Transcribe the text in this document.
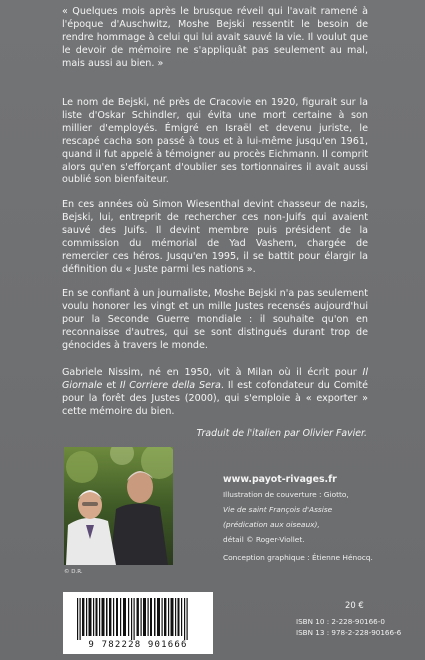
« Quelques mois après le brusque réveil qui l'avait ramené à l'époque d'Auschwitz, Moshe Bejski ressentit le besoin de rendre hommage à celui qui lui avait sauvé la vie. Il voulut que le devoir de mémoire ne s'appliquât pas seulement au mal, mais aussi au bien. »

Le nom de Bejski, né près de Cracovie en 1920, figurait sur la liste d'Oskar Schindler, qui évita une mort certaine à son millier d'employés. Émigré en Israël et devenu juriste, le rescapé cacha son passé à tous et à lui-même jusqu'en 1961, quand il fut appelé à témoigner au procès Eichmann. Il comprit alors qu'en s'efforçant d'oublier ses tortionnaires il avait aussi oublié son bienfaiteur.

En ces années où Simon Wiesenthal devint chasseur de nazis, Bejski, lui, entreprit de rechercher ces non-Juifs qui avaient sauvé des Juifs. Il devint membre puis président de la commission du mémorial de Yad Vashem, chargée de remercier ces héros. Jusqu'en 1995, il se battit pour élargir la définition du « Juste parmi les nations ».

En se confiant à un journaliste, Moshe Bejski n'a pas seulement voulu honorer les vingt et un mille Justes recensés aujourd'hui pour la Seconde Guerre mondiale : il souhaite qu'on en reconnaisse d'autres, qui se sont distingués durant trop de génocides à travers le monde.

Gabriele Nissim, né en 1950, vit à Milan où il écrit pour Il Giornale et Il Corriere della Sera. Il est cofondateur du Comité pour la forêt des Justes (2000), qui s'emploie à « exporter » cette mémoire du bien.

Traduit de l'italien par Olivier Favier.
© D.R.
www.payot-rivages.fr
Illustration de couverture : Giotto,
Vie de saint François d'Assise
(prédication aux oiseaux),
détail © Roger-Viollet.
Conception graphique : Étienne Hénocq.
9 782228 901666
20 €
ISBN 10 : 2-228-90166-0
ISBN 13 : 978-2-228-90166-6
